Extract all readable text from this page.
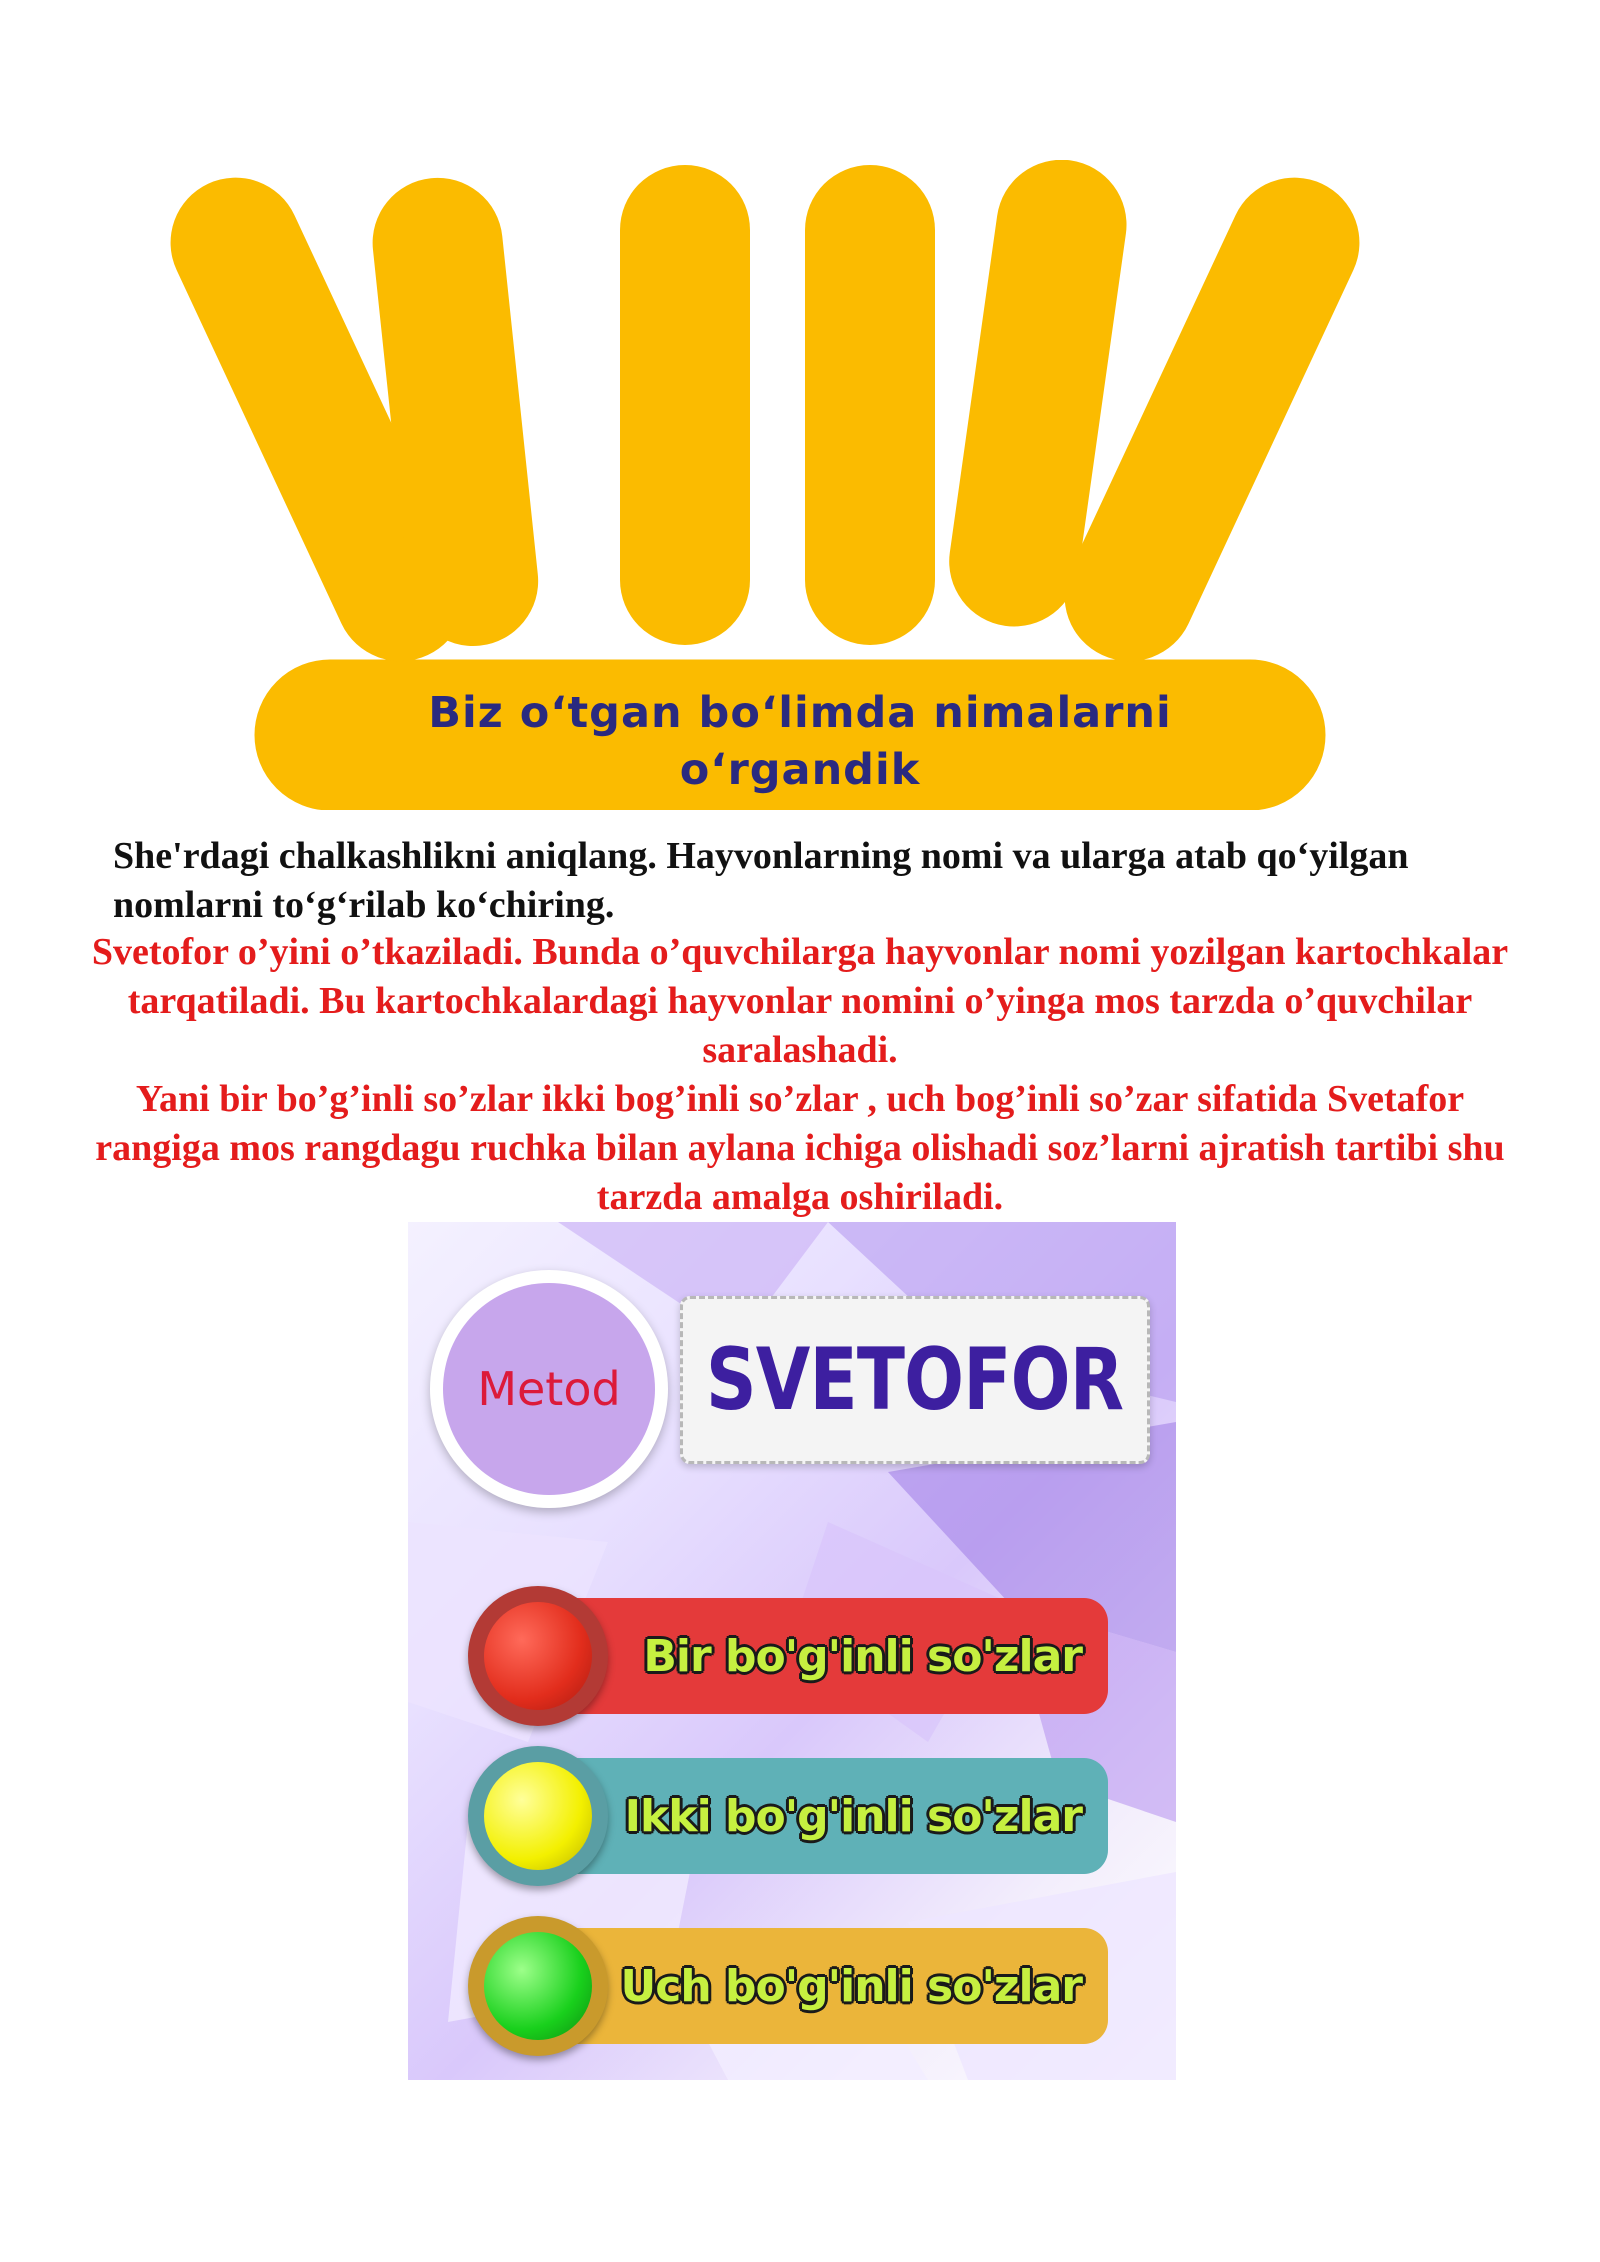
Biz o‘tgan bo‘limda nimalarni
o‘rgandik
She'rdagi chalkashlikni aniqlang. Hayvonlarning nomi va ularga atab qo‘yilgan nomlarni to‘g‘rilab ko‘chiring.

Svetofor o’yini o’tkaziladi. Bunda o’quvchilarga hayvonlar nomi yozilgan kartochkalar tarqatiladi. Bu kartochkalardagi hayvonlar nomini o’yinga mos tarzda o’quvchilar saralashadi.

Yani bir bo’g’inli so’zlar ikki bog’inli so’zlar , uch bog’inli so’zar sifatida Svetafor rangiga mos rangdagu ruchka bilan aylana ichiga olishadi soz’larni ajratish tartibi shu tarzda amalga oshiriladi.

Metod SVETOFOR
Bir bo'g'inli so'zlar
Ikki bo'g'inli so'zlar
Uch bo'g'inli so'zlar
